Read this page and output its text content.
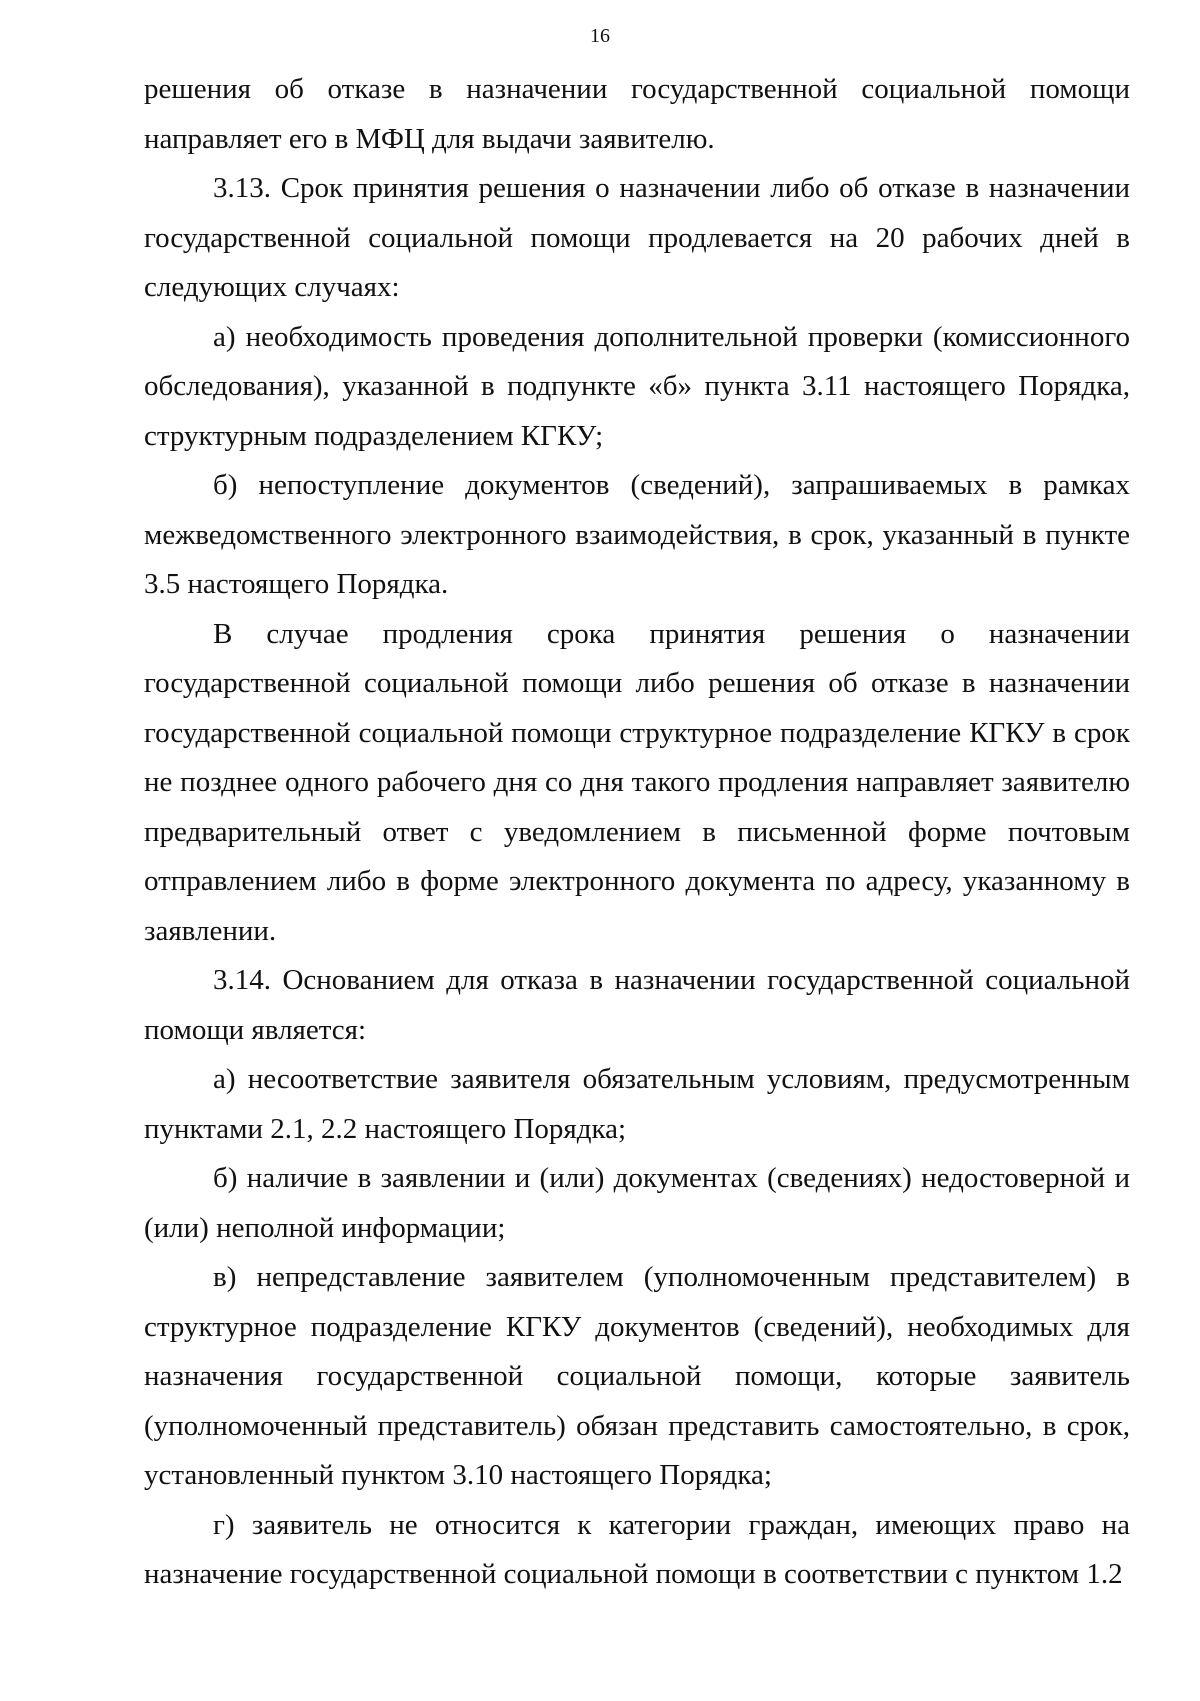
16

решения об отказе в назначении государственной социальной помощи направляет его в МФЦ для выдачи заявителю.

3.13. Срок принятия решения о назначении либо об отказе в назначении государственной социальной помощи продлевается на 20 рабочих дней в следующих случаях:

а) необходимость проведения дополнительной проверки (комиссионного обследования), указанной в подпункте «б» пункта 3.11 настоящего Порядка, структурным подразделением КГКУ;

б) непоступление документов (сведений), запрашиваемых в рамках межведомственного электронного взаимодействия, в срок, указанный в пункте 3.5 настоящего Порядка.

В случае продления срока принятия решения о назначении государственной социальной помощи либо решения об отказе в назначении государственной социальной помощи структурное подразделение КГКУ в срок не позднее одного рабочего дня со дня такого продления направляет заявителю предварительный ответ с уведомлением в письменной форме почтовым отправлением либо в форме электронного документа по адресу, указанному в заявлении.

3.14. Основанием для отказа в назначении государственной социальной помощи является:

а) несоответствие заявителя обязательным условиям, предусмотренным пунктами 2.1, 2.2 настоящего Порядка;

б) наличие в заявлении и (или) документах (сведениях) недостоверной и (или) неполной информации;

в) непредставление заявителем (уполномоченным представителем) в структурное подразделение КГКУ документов (сведений), необходимых для назначения государственной социальной помощи, которые заявитель (уполномоченный представитель) обязан представить самостоятельно, в срок, установленный пунктом 3.10 настоящего Порядка;

г) заявитель не относится к категории граждан, имеющих право на назначение государственной социальной помощи в соответствии с пунктом 1.2
